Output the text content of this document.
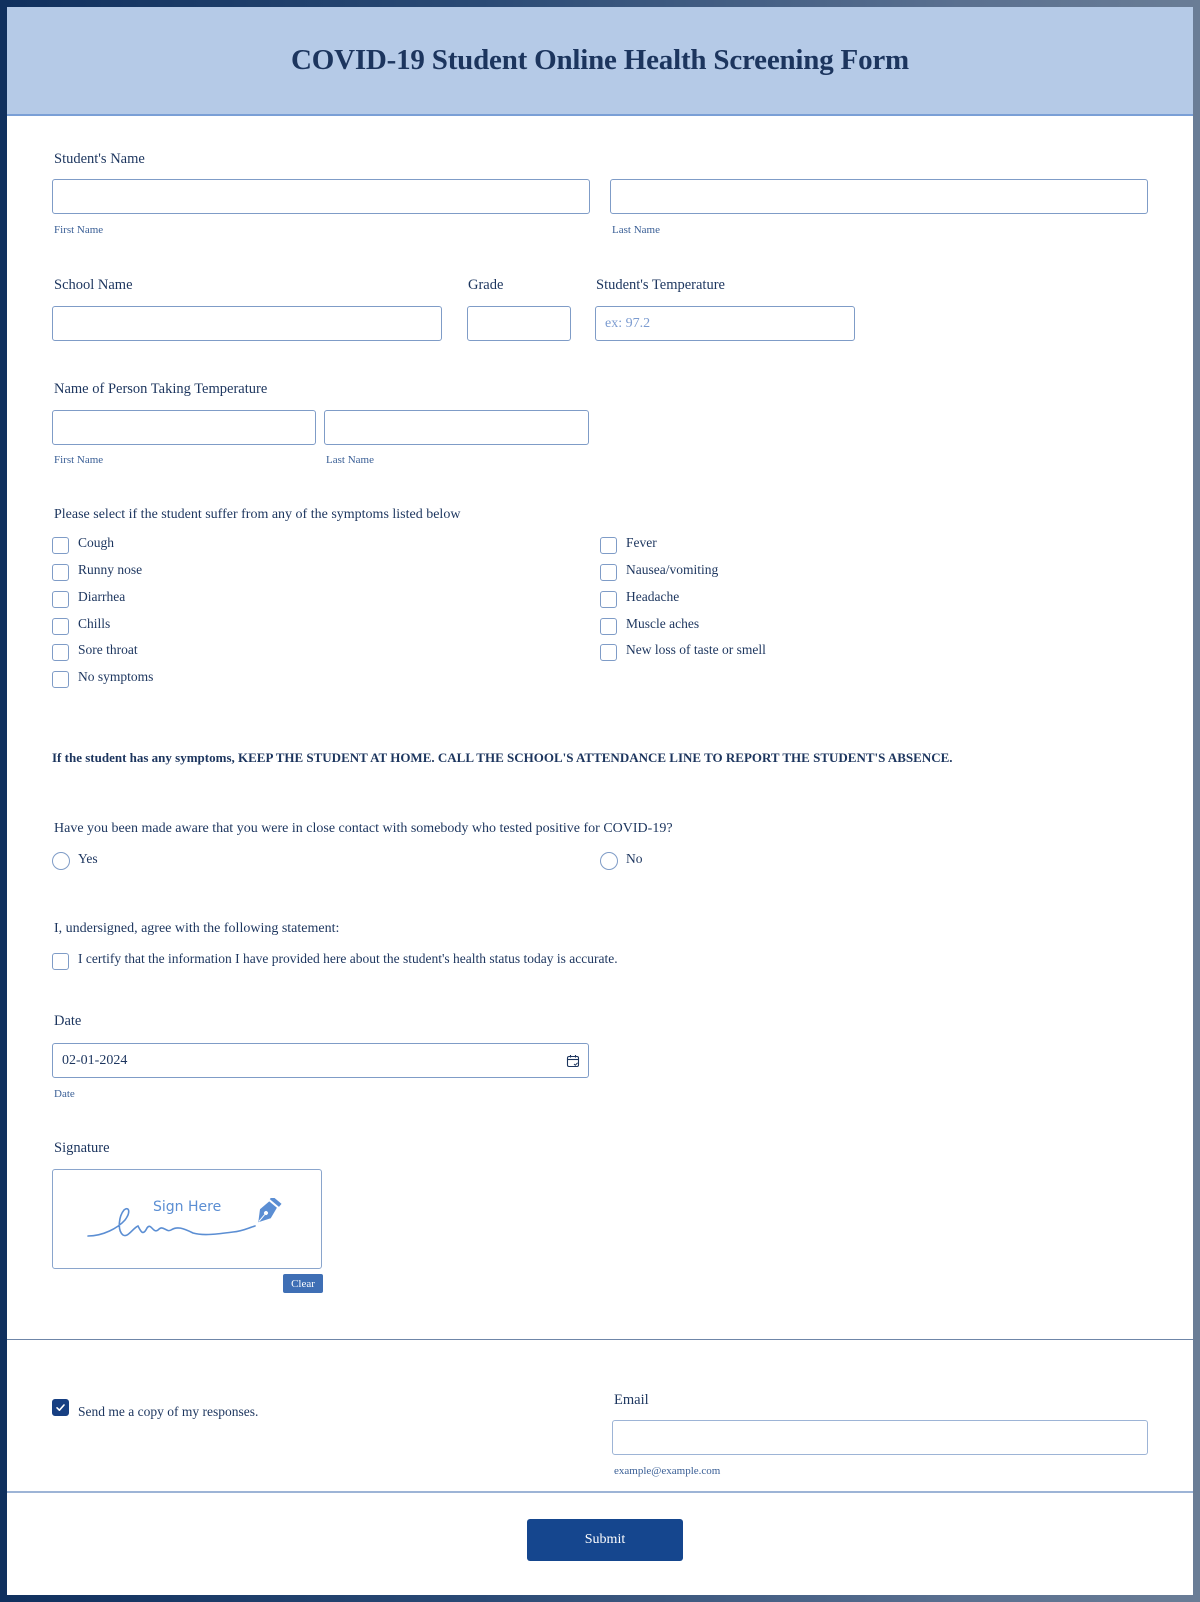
COVID-19 Student Online Health Screening Form
Student's Name
First Name	Last Name
School Name	Grade	Student's Temperature
ex: 97.2
Name of Person Taking Temperature
First Name	Last Name
Please select if the student suffer from any of the symptoms listed below
Cough
Runny nose
Diarrhea
Chills
Sore throat
No symptoms
Fever
Nausea/vomiting
Headache
Muscle aches
New loss of taste or smell
If the student has any symptoms, KEEP THE STUDENT AT HOME. CALL THE SCHOOL'S ATTENDANCE LINE TO REPORT THE STUDENT'S ABSENCE.
Have you been made aware that you were in close contact with somebody who tested positive for COVID-19?
Yes	No
I, undersigned, agree with the following statement:
I certify that the information I have provided here about the student's health status today is accurate.
Date
02-01-2024
Date
Signature
Sign Here
Clear
Send me a copy of my responses.
Email
example@example.com
Submit
